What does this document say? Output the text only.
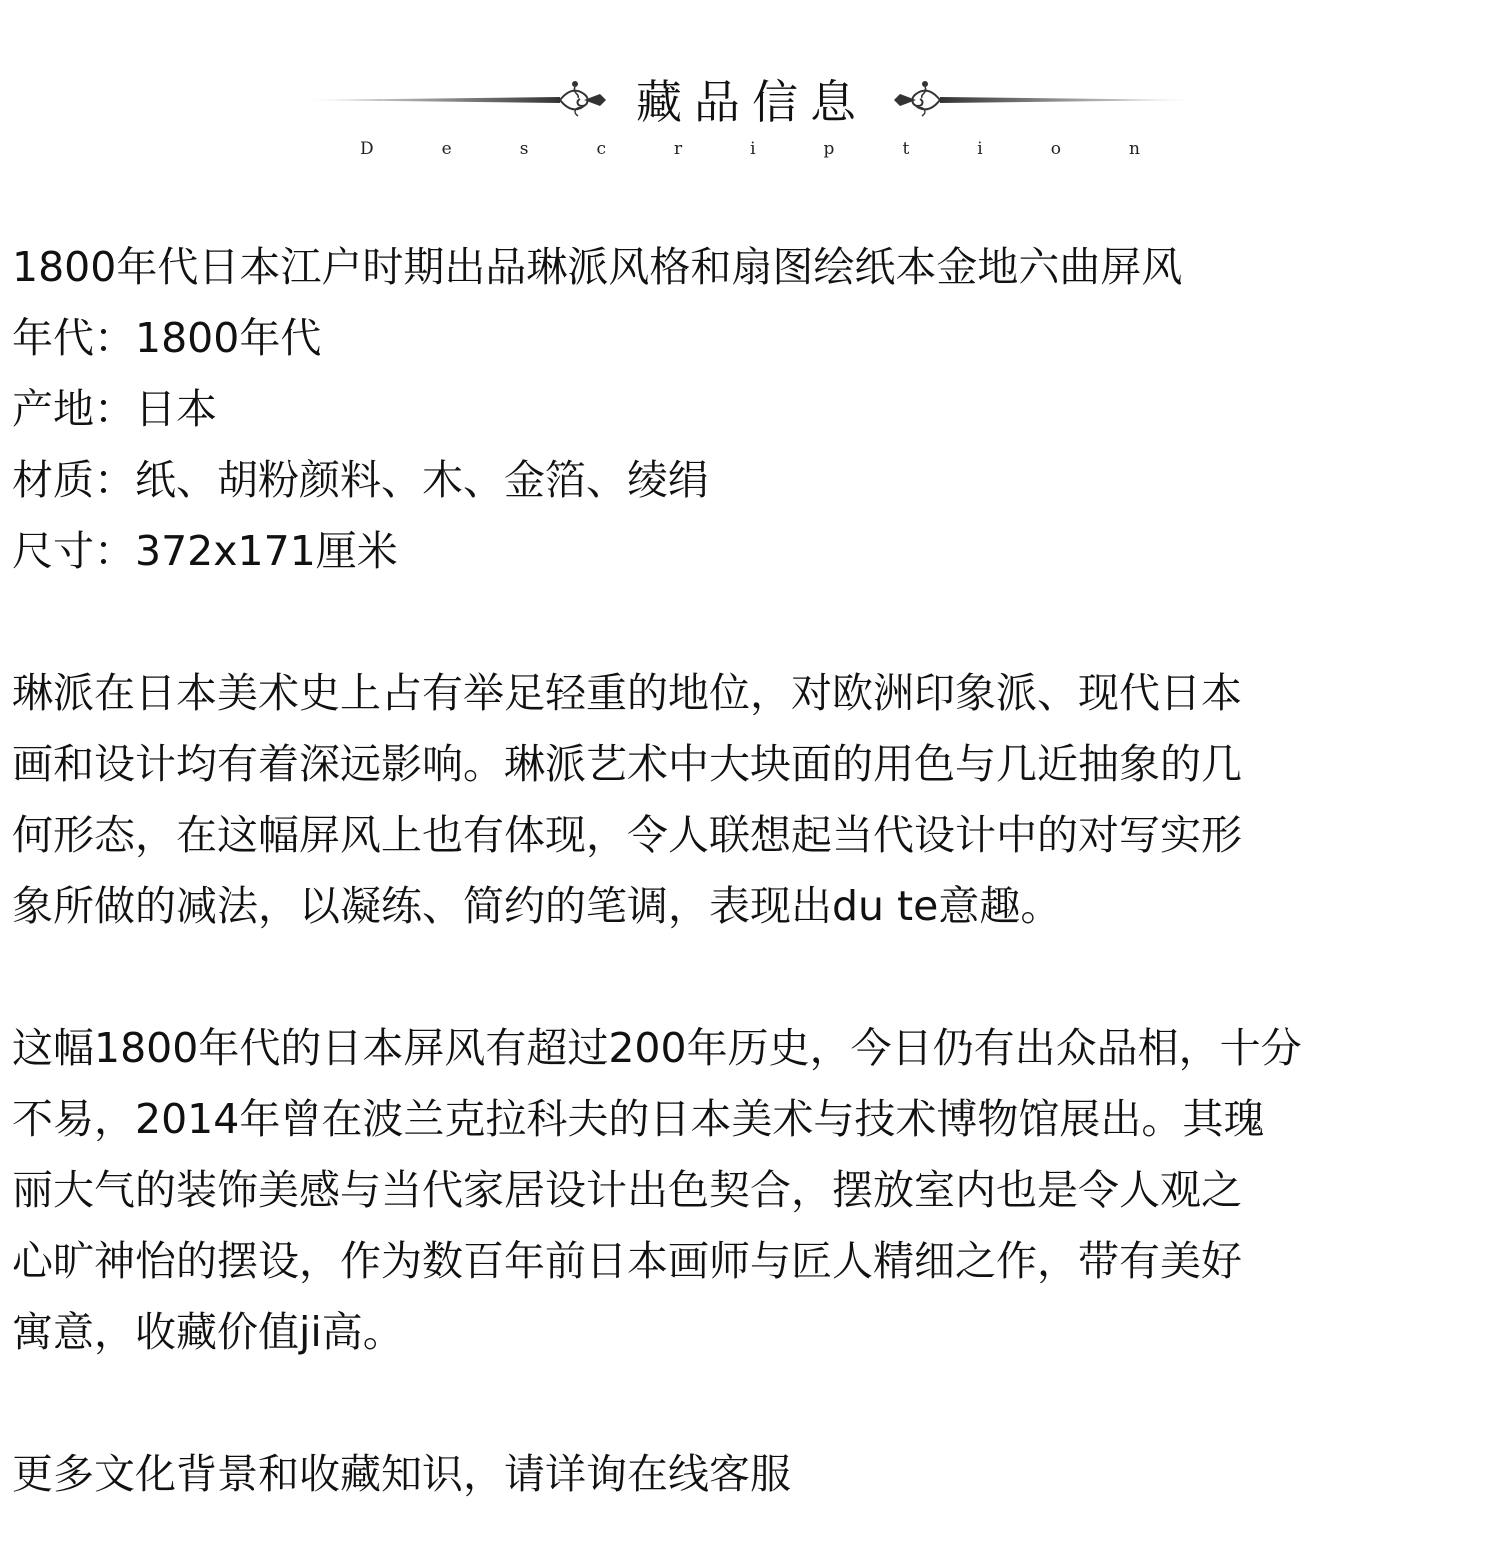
藏品信息
D	e	s	c	r	i	p	t	i	o	n
1800年代日本江户时期出品琳派风格和扇图绘纸本金地六曲屏风
年代：1800年代
产地：日本
材质：纸、胡粉颜料、木、金箔、绫绢
尺寸：372x171厘米
琳派在日本美术史上占有举足轻重的地位，对欧洲印象派、现代日本
画和设计均有着深远影响。琳派艺术中大块面的用色与几近抽象的几
何形态，在这幅屏风上也有体现，令人联想起当代设计中的对写实形
象所做的减法，以凝练、简约的笔调，表现出du te意趣。
这幅1800年代的日本屏风有超过200年历史，今日仍有出众品相，十分
不易，2014年曾在波兰克拉科夫的日本美术与技术博物馆展出。其瑰
丽大气的装饰美感与当代家居设计出色契合，摆放室内也是令人观之
心旷神怡的摆设，作为数百年前日本画师与匠人精细之作，带有美好
寓意，收藏价值ji高。
更多文化背景和收藏知识，请详询在线客服
